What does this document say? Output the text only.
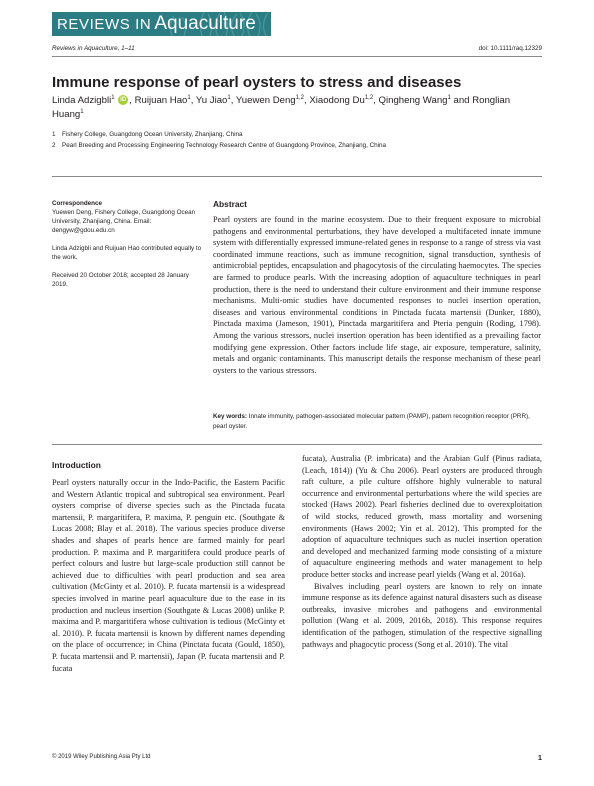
REVIEWS IN Aquaculture
Reviews in Aquaculture, 1–11	doi: 10.1111/raq.12329
Immune response of pearl oysters to stress and diseases
Linda Adzigbli$^1$ iD , Ruijuan Hao$^1$, Yu Jiao$^1$, Yuewen Deng$^{1,2}$, Xiaodong Du$^{1,2}$, Qingheng Wang$^1$ and Ronglian Huang$^1$
1 Fishery College, Guangdong Ocean University, Zhanjiang, China
2 Pearl Breeding and Processing Engineering Technology Research Centre of Guangdong Province, Zhanjiang, China

Correspondence

Yuewen Deng, Fishery College, Guangdong Ocean University, Zhanjiang, China. Email: dengyw@gdou.edu.cn

Linda Adzigbli and Ruijuan Hao contributed equally to the work.

Received 20 October 2018; accepted 28 January 2019.

Abstract

Pearl oysters are found in the marine ecosystem. Due to their frequent exposure to microbial pathogens and environmental perturbations, they have developed a multifaceted innate immune system with differentially expressed immune-related genes in response to a range of stress via vast coordinated immune reactions, such as immune recognition, signal transduction, synthesis of antimicrobial peptides, encapsulation and phagocytosis of the circulating haemocytes. The species are farmed to produce pearls. With the increasing adoption of aquaculture techniques in pearl production, there is the need to understand their culture environment and their immune response mechanisms. Multi-omic studies have documented responses to nuclei insertion operation, diseases and various environmental conditions in Pinctada fucata martensii (Dunker, 1880), Pinctada maxima (Jameson, 1901), Pinctada margaritifera and Pteria penguin (Roding, 1798). Among the various stressors, nuclei insertion operation has been identified as a prevailing factor modifying gene expression. Other factors include life stage, air exposure, temperature, salinity, metals and organic contaminants. This manuscript details the response mechanism of these pearl oysters to the various stressors.

Key words: Innate immunity, pathogen-associated molecular pattern (PAMP), pattern recognition receptor (PRR), pearl oyster.

Introduction

Pearl oysters naturally occur in the Indo-Pacific, the Eastern Pacific and Western Atlantic tropical and subtropical sea environment. Pearl oysters comprise of diverse species such as the Pinctada fucata martensii, P. margaritifera, P. maxima, P. penguin etc. (Southgate & Lucas 2008; Blay et al. 2018). The various species produce diverse shades and shapes of pearls hence are farmed mainly for pearl production. P. maxima and P. margaritifera could produce pearls of perfect colours and lustre but large-scale production still cannot be achieved due to difficulties with pearl production and sea area cultivation (McGinty et al. 2010). P. fucata martensii is a widespread species involved in marine pearl aquaculture due to the ease in its production and nucleus insertion (Southgate & Lucas 2008) unlike P. maxima and P. margaritifera whose cultivation is tedious (McGinty et al. 2010). P. fucata martensii is known by different names depending on the place of occurrence; in China (Pinctata fucata (Gould, 1850), P. fucata martensii and P. martensii), Japan (P. fucata martensii and P. fucata

fucata), Australia (P. imbricata) and the Arabian Gulf (Pinus radiata, (Leach, 1814)) (Yu & Chu 2006). Pearl oysters are produced through raft culture, a pile culture offshore highly vulnerable to natural occurrence and environmental perturbations where the wild species are stocked (Haws 2002). Pearl fisheries declined due to overexploitation of wild stocks, reduced growth, mass mortality and worsening environments (Haws 2002; Yin et al. 2012). This prompted for the adoption of aquaculture techniques such as nuclei insertion operation and developed and mechanized farming mode consisting of a mixture of aquaculture engineering methods and water management to help produce better stocks and increase pearl yields (Wang et al. 2016a).

Bivalves including pearl oysters are known to rely on innate immune response as its defence against natural disasters such as disease outbreaks, invasive microbes and pathogens and environmental pollution (Wang et al. 2009, 2016b, 2018). This response requires identification of the pathogen, stimulation of the respective signalling pathways and phagocytic process (Song et al. 2010). The vital

© 2019 Wiley Publishing Asia Pty Ltd	1
